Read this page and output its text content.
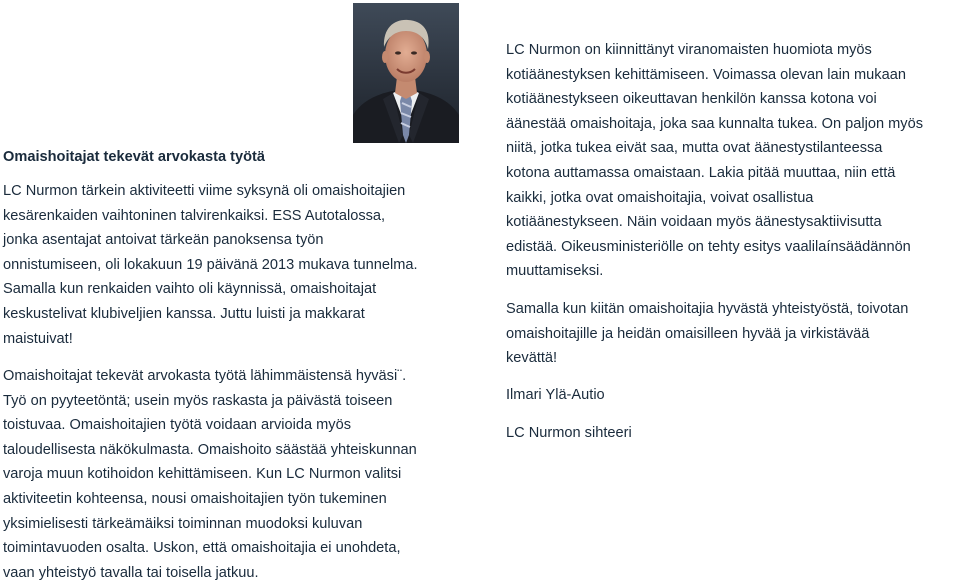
Omaishoitajat tekevät arvokasta työtä

LC Nurmon tärkein aktiviteetti viime syksynä oli omaishoitajien
kesärenkaiden vaihtoninen talvirenkaiksi. ESS Autotalossa,
jonka asentajat antoivat tärkeän panoksensa työn
onnistumiseen, oli lokakuun 19 päivänä 2013 mukava tunnelma.
Samalla kun renkaiden vaihto oli käynnissä, omaishoitajat
keskustelivat klubiveljien kanssa. Juttu luisti ja makkarat
maistuivat!
Omaishoitajat tekevät arvokasta työtä lähimmäistensä hyväsi¨.
Työ on pyyteetöntä; usein myös raskasta ja päivästä toiseen
toistuvaa. Omaishoitajien työtä voidaan arvioida myös
taloudellisesta näkökulmasta. Omaishoito säästää yhteiskunnan
varoja muun kotihoidon kehittämiseen. Kun LC Nurmon valitsi
aktiviteetin kohteensa, nousi omaishoitajien työn tukeminen
yksimielisesti tärkeämäiksi toiminnan muodoksi kuluvan
toimintavuoden osalta. Uskon, että omaishoitajia ei unohdeta,
vaan yhteistyö tavalla tai toisella jatkuu.
LC Nurmon on kiinnittänyt viranomaisten huomiota myös
kotiäänestyksen kehittämiseen. Voimassa olevan lain mukaan
kotiäänestykseen oikeuttavan henkilön kanssa kotona voi
äänestää omaishoitaja, joka saa kunnalta tukea. On paljon myös
niitä, jotka tukea eivät saa, mutta ovat äänestystilanteessa
kotona auttamassa omaistaan. Lakia pitää muuttaa, niin että
kaikki, jotka ovat omaishoitajia, voivat osallistua
kotiäänestykseen. Näin voidaan myös äänestysaktiivisutta
edistää. Oikeusministeriölle on tehty esitys vaalilaínsäädännön
muuttamiseksi.
Samalla kun kiitän omaishoitajia hyvästä yhteistyöstä, toivotan
omaishoitajille ja heidän omaisilleen hyvää ja virkistävää
kevättä!
Ilmari Ylä-Autio
LC Nurmon sihteeri
